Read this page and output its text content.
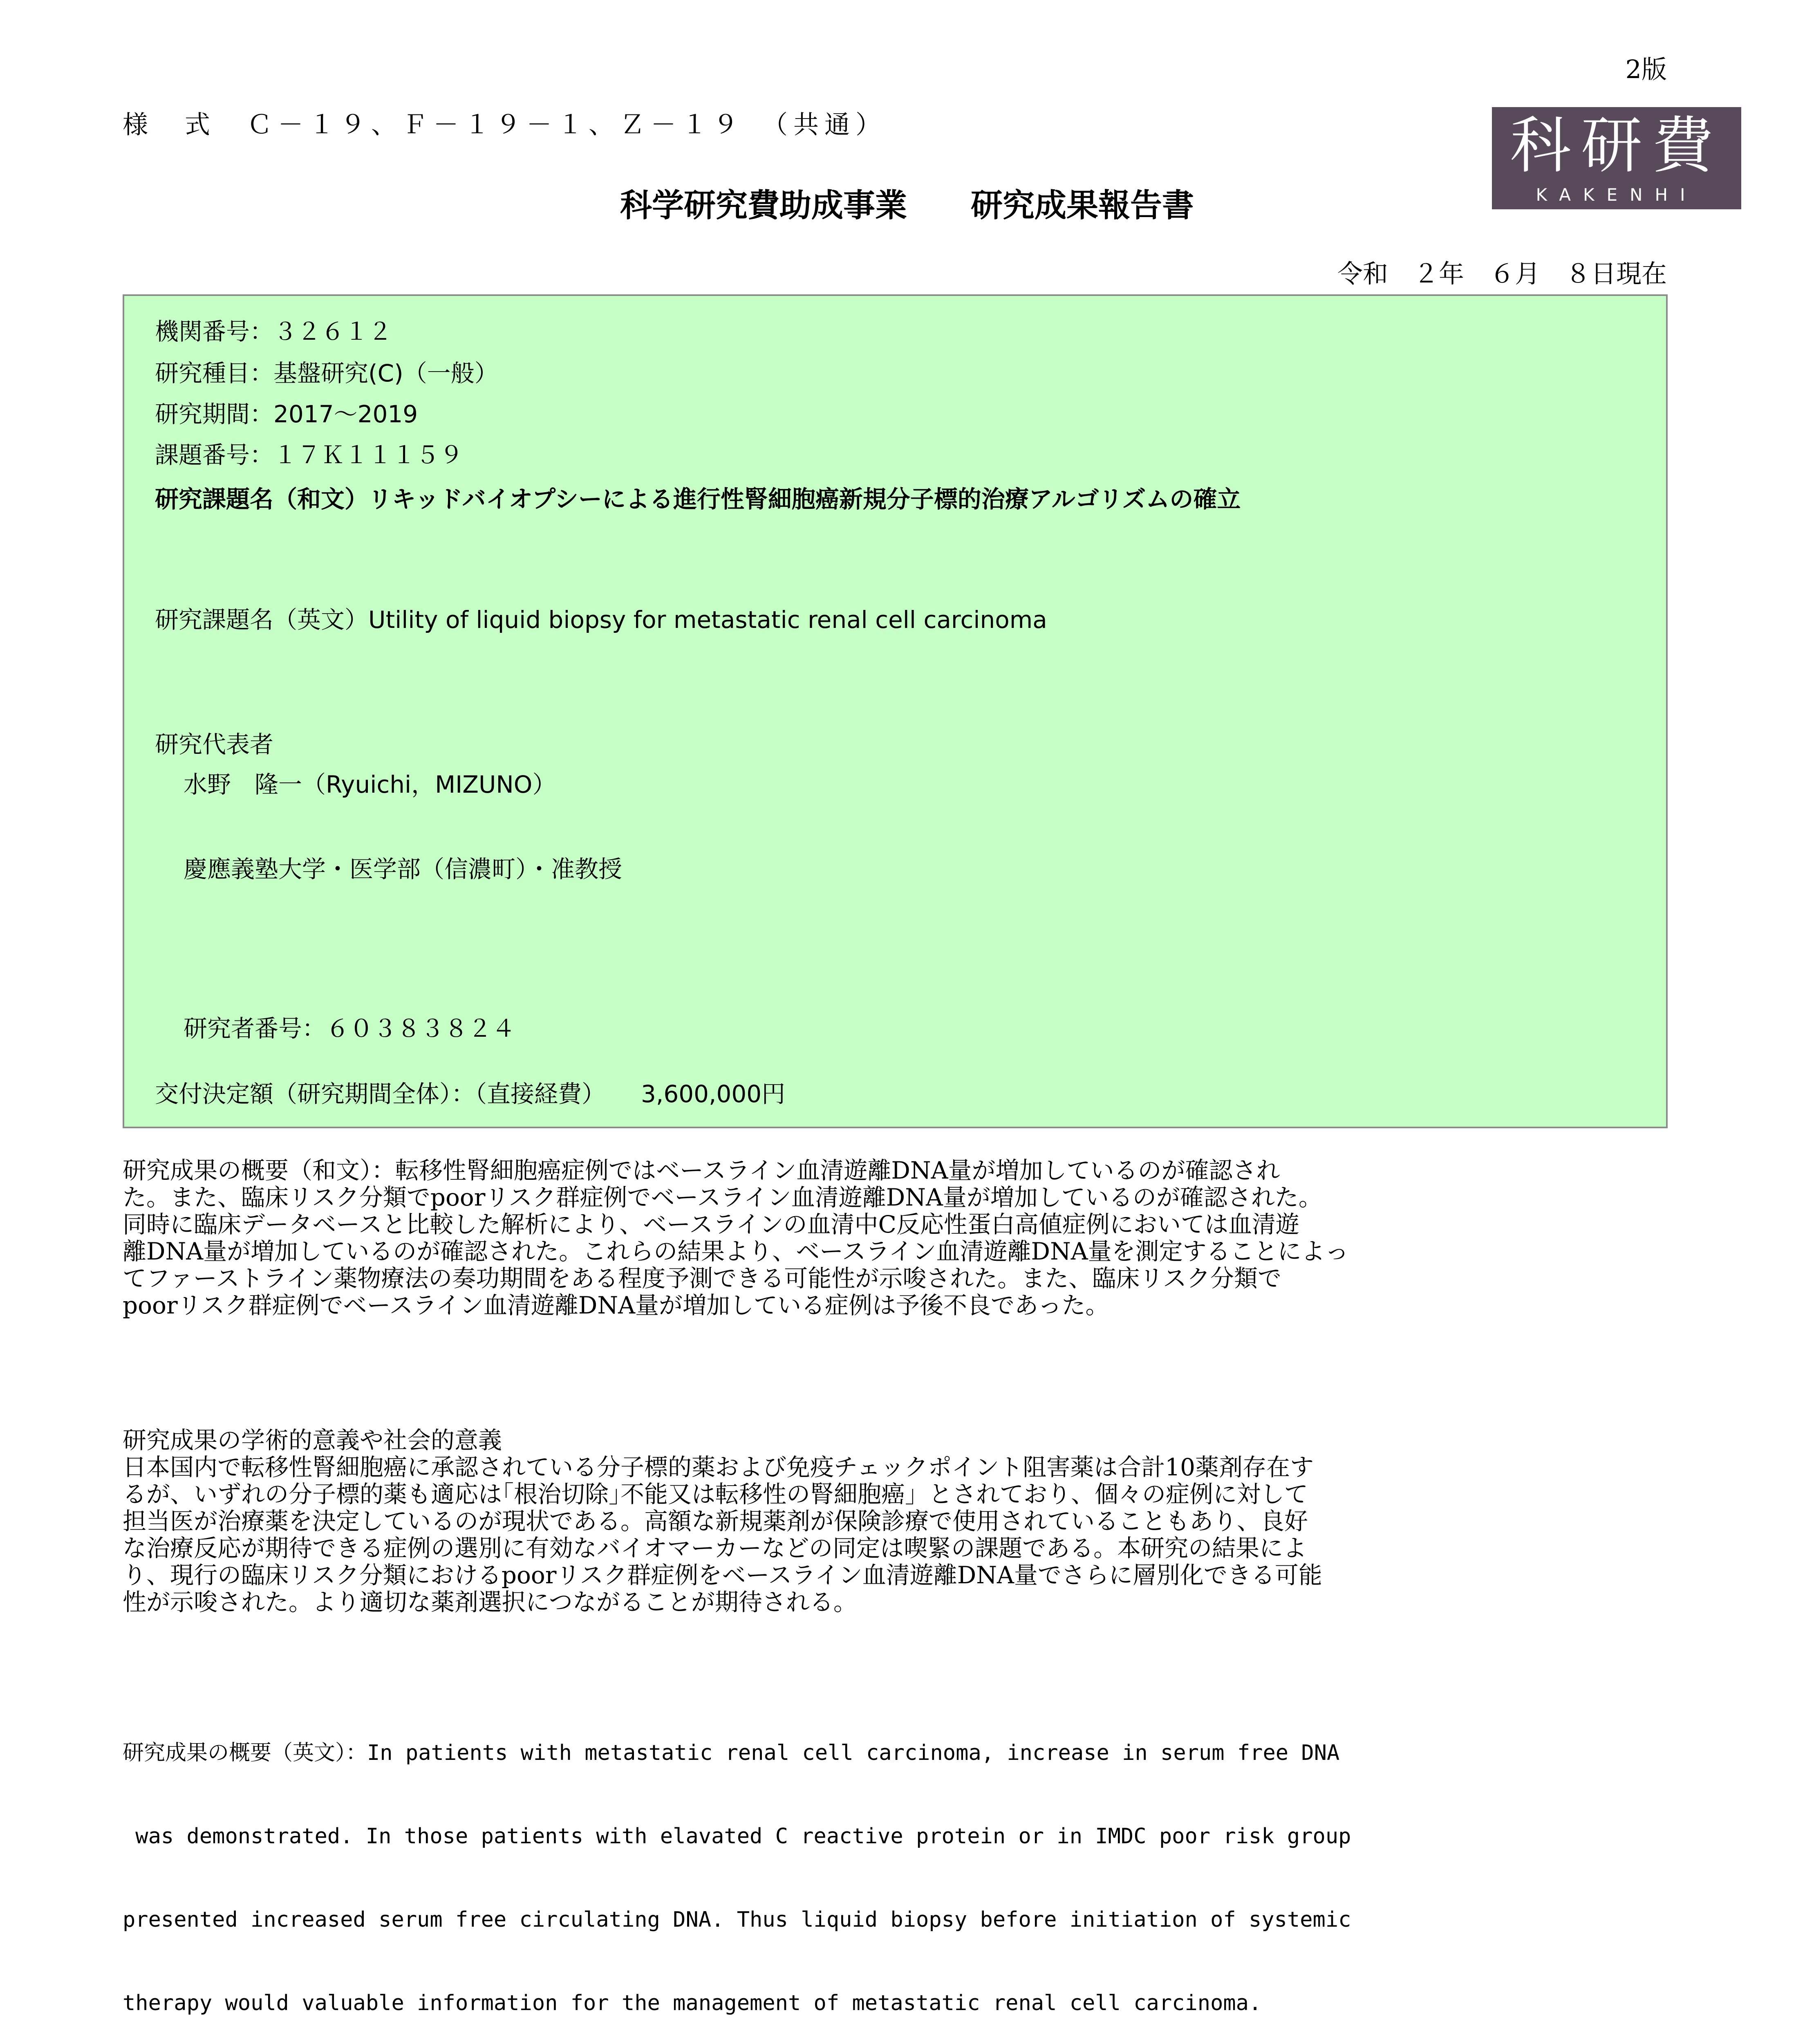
2版
様　式　Ｃ－１９、Ｆ－１９－１、Ｚ－１９　（共通）	科研費
KAKENHI
科学研究費助成事業　　研究成果報告書
令和　２年　６月　８日現在
機関番号：３２６１２
研究種目：基盤研究(C)（一般）
研究期間：2017～2019
課題番号：１７Ｋ１１１５９
研究課題名（和文）リキッドバイオプシーによる進行性腎細胞癌新規分子標的治療アルゴリズムの確立
研究課題名（英文）Utility of liquid biopsy for metastatic renal cell carcinoma
研究代表者
水野　隆一（Ryuichi，MIZUNO）
慶應義塾大学・医学部（信濃町）・准教授
研究者番号：６０３８３８２４
交付決定額（研究期間全体）：（直接経費）　　3,600,000円
研究成果の概要（和文）：転移性腎細胞癌症例ではベースライン血清遊離DNA量が増加しているのが確認され
た。また、臨床リスク分類でpoorリスク群症例でベースライン血清遊離DNA量が増加しているのが確認された。
同時に臨床データベースと比較した解析により、ベースラインの血清中C反応性蛋白高値症例においては血清遊
離DNA量が増加しているのが確認された。これらの結果より、ベースライン血清遊離DNA量を測定することによっ
てファーストライン薬物療法の奏功期間をある程度予測できる可能性が示唆された。また、臨床リスク分類で
poorリスク群症例でベースライン血清遊離DNA量が増加している症例は予後不良であった。
研究成果の学術的意義や社会的意義
日本国内で転移性腎細胞癌に承認されている分子標的薬および免疫チェックポイント阻害薬は合計10薬剤存在す
るが、いずれの分子標的薬も適応は｢根治切除｣不能又は転移性の腎細胞癌」とされており、個々の症例に対して
担当医が治療薬を決定しているのが現状である。高額な新規薬剤が保険診療で使用されていることもあり、良好
な治療反応が期待できる症例の選別に有効なバイオマーカーなどの同定は喫緊の課題である。本研究の結果によ
り、現行の臨床リスク分類におけるpoorリスク群症例をベースライン血清遊離DNA量でさらに層別化できる可能
性が示唆された。より適切な薬剤選択につながることが期待される。

研究成果の概要（英文）：In patients with metastatic renal cell carcinoma, increase in serum free DNA

was demonstrated. In those patients with elavated C reactive protein or in IMDC poor risk group

presented increased serum free circulating DNA. Thus liquid biopsy before initiation of systemic

therapy would valuable information for the management of metastatic renal cell carcinoma.
